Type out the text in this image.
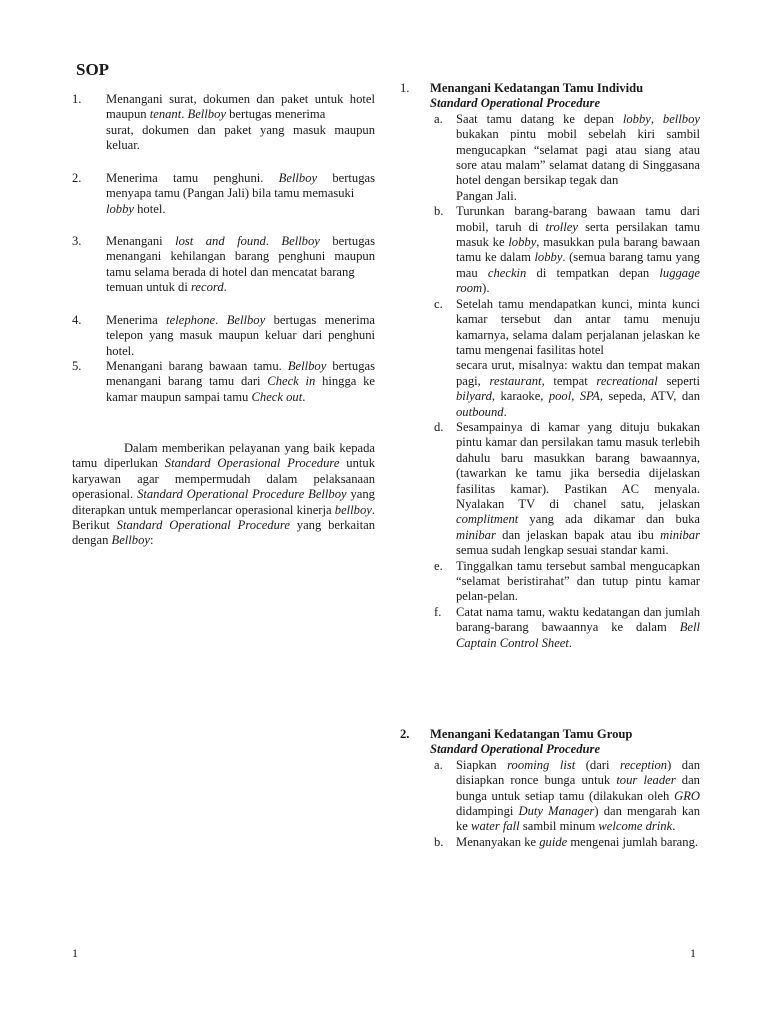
SOP
1. Menangani surat, dokumen dan paket untuk hotel maupun tenant. Bellboy bertugas menerima
surat, dokumen dan paket yang masuk maupun keluar.

2. Menerima tamu penghuni. Bellboy bertugas menyapa tamu (Pangan Jali) bila tamu memasuki
lobby hotel.

3. Menangani lost and found. Bellboy bertugas menangani kehilangan barang penghuni maupun tamu selama berada di hotel dan mencatat barang
temuan untuk di record.

4. Menerima telephone. Bellboy bertugas menerima telepon yang masuk maupun keluar dari penghuni hotel.

5. Menangani barang bawaan tamu. Bellboy bertugas menangani barang tamu dari Check in hingga ke kamar maupun sampai tamu Check out.

Dalam memberikan pelayanan yang baik kepada tamu diperlukan Standard Operasional Procedure untuk karyawan agar mempermudah dalam pelaksanaan operasional. Standard Operational Procedure Bellboy yang diterapkan untuk memperlancar operasional kinerja bellboy. Berikut Standard Operational Procedure yang berkaitan dengan Bellboy:

1. Menangani Kedatangan Tamu Individu
Standard Operational Procedure
a. Saat tamu datang ke depan lobby, bellboy bukakan pintu mobil sebelah kiri sambil mengucapkan “selamat pagi atau siang atau sore atau malam” selamat datang di Singgasana hotel dengan bersikap tegak dan
Pangan Jali.

b. Turunkan barang-barang bawaan tamu dari mobil, taruh di trolley serta persilakan tamu masuk ke lobby, masukkan pula barang bawaan tamu ke dalam lobby. (semua barang tamu yang mau checkin di tempatkan depan luggage room).

c. Setelah tamu mendapatkan kunci, minta kunci kamar tersebut dan antar tamu menuju kamarnya, selama dalam perjalanan jelaskan ke tamu mengenai fasilitas hotel
secara urut, misalnya: waktu dan tempat makan pagi, restaurant, tempat recreational seperti bilyard, karaoke, pool, SPA, sepeda, ATV, dan outbound.

d. Sesampainya di kamar yang dituju bukakan pintu kamar dan persilakan tamu masuk terlebih dahulu baru masukkan barang bawaannya, (tawarkan ke tamu jika bersedia dijelaskan fasilitas kamar). Pastikan AC menyala. Nyalakan TV di chanel satu, jelaskan complitment yang ada dikamar dan buka minibar dan jelaskan bapak atau ibu minibar semua sudah lengkap sesuai standar kami.

e. Tinggalkan tamu tersebut sambal mengucapkan “selamat beristirahat” dan tutup pintu kamar pelan-pelan.

f. Catat nama tamu, waktu kedatangan dan jumlah barang-barang bawaannya ke dalam Bell Captain Control Sheet.

2. Menangani Kedatangan Tamu Group
Standard Operational Procedure
a. Siapkan rooming list (dari reception) dan disiapkan ronce bunga untuk tour leader dan bunga untuk setiap tamu (dilakukan oleh GRO didampingi Duty Manager) dan mengarah kan ke water fall sambil minum welcome drink.

b. Menanyakan ke guide mengenai jumlah barang.

1	1
